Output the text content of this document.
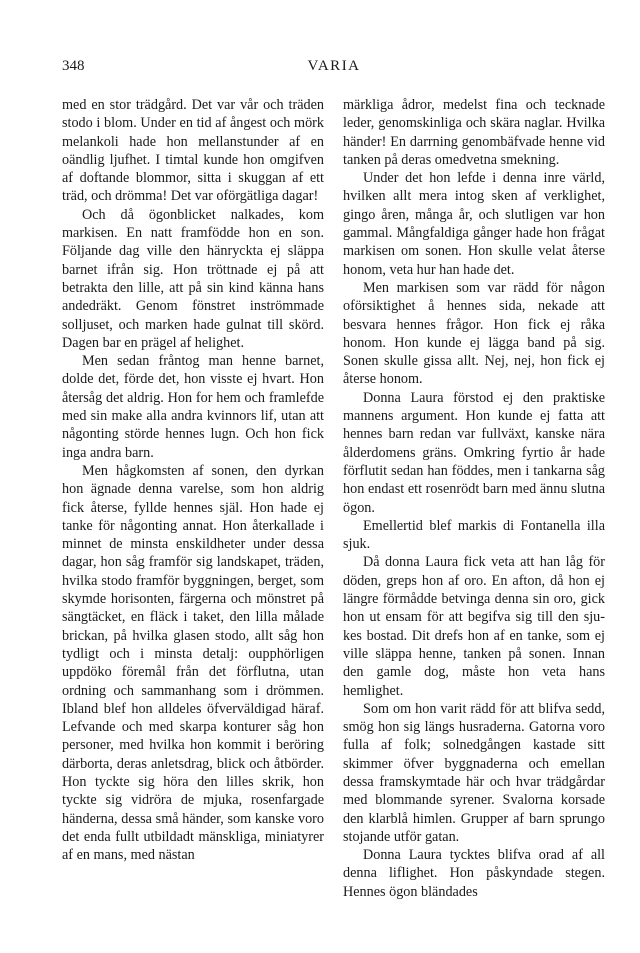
348	VARIA

med en stor trädgård. Det var vår och träden stodo i blom. Under en tid af ångest och mörk melankoli hade hon mellanstunder af en oändlig ljufhet. I timtal kunde hon omgifven af doftande blommor, sitta i skuggan af ett träd, och drömma! Det var oförgätliga dagar!

Och då ögonblicket nalkades, kom markisen. En natt framfödde hon en son. Följande dag ville den hänryckta ej släppa barnet ifrån sig. Hon tröttnade ej på att betrakta den lille, att på sin kind känna hans andedräkt. Genom fönstret inströmmade solljuset, och marken hade gulnat till skörd. Dagen bar en prägel af helighet.

Men sedan fråntog man henne barnet, dolde det, förde det, hon visste ej hvart. Hon återsåg det aldrig. Hon for hem och framlefde med sin make alla andra kvinnors lif, utan att någonting störde hennes lugn. Och hon fick inga andra barn.

Men hågkomsten af sonen, den dyrkan hon ägnade denna varelse, som hon aldrig fick återse, fyllde hennes själ. Hon hade ej tanke för någonting annat. Hon återkallade i minnet de minsta enskildheter under dessa dagar, hon såg framför sig landskapet, träden, hvilka stodo framför byggningen, berget, som skymde horisonten, färgerna och mönstret på sängtäcket, en fläck i taket, den lilla målade brickan, på hvilka glasen stodo, allt såg hon tydligt och i minsta detalj: oupphörligen uppdöko föremål från det förflutna, utan ordning och sammanhang som i drömmen. Ibland blef hon alldeles öfverväldigad häraf. Lefvande och med skarpa konturer såg hon personer, med hvilka hon kommit i beröring därborta, deras anletsdrag, blick och åtbörder. Hon tyckte sig höra den lilles skrik, hon tyckte sig vidröra de mjuka, rosenfargade händerna, dessa små händer, som kanske voro det enda fullt utbildadt mänskliga, miniatyrer af en mans, med nästan

märkliga ådror, medelst fina och tecknade leder, genomskinliga och skära naglar. Hvilka händer! En darrning genombäfvade henne vid tanken på deras omedvetna smekning.

Under det hon lefde i denna inre värld, hvilken allt mera intog sken af verklighet, gingo åren, många år, och slutligen var hon gammal. Mångfaldiga gånger hade hon frågat markisen om sonen. Hon skulle velat återse honom, veta hur han hade det.

Men markisen som var rädd för någon oförsiktighet å hennes sida, nekade att besvara hennes frågor. Hon fick ej råka honom. Hon kunde ej lägga band på sig. Sonen skulle gissa allt. Nej, nej, hon fick ej återse honom.

Donna Laura förstod ej den praktiske mannens argument. Hon kunde ej fatta att hennes barn redan var fullväxt, kanske nära ålderdomens gräns. Omkring fyrtio år hade förflutit sedan han föddes, men i tankarna såg hon endast ett rosenrödt barn med ännu slutna ögon.

Emellertid blef markis di Fontanella illa sjuk.

Då donna Laura fick veta att han låg för döden, greps hon af oro. En afton, då hon ej längre förmådde betvinga denna sin oro, gick hon ut ensam för att begifva sig till den sjukes bostad. Dit drefs hon af en tanke, som ej ville släppa henne, tanken på sonen. Innan den gamle dog, måste hon veta hans hemlighet.

Som om hon varit rädd för att blifva sedd, smög hon sig längs husraderna. Gatorna voro fulla af folk; solnedgången kastade sitt skimmer öfver byggnaderna och emellan dessa framskymtade här och hvar trädgårdar med blommande syrener. Svalorna korsade den klarblå himlen. Grupper af barn sprungo stojande utför gatan.

Donna Laura tycktes blifva orad af all denna liflighet. Hon påskyndade stegen. Hennes ögon bländades
